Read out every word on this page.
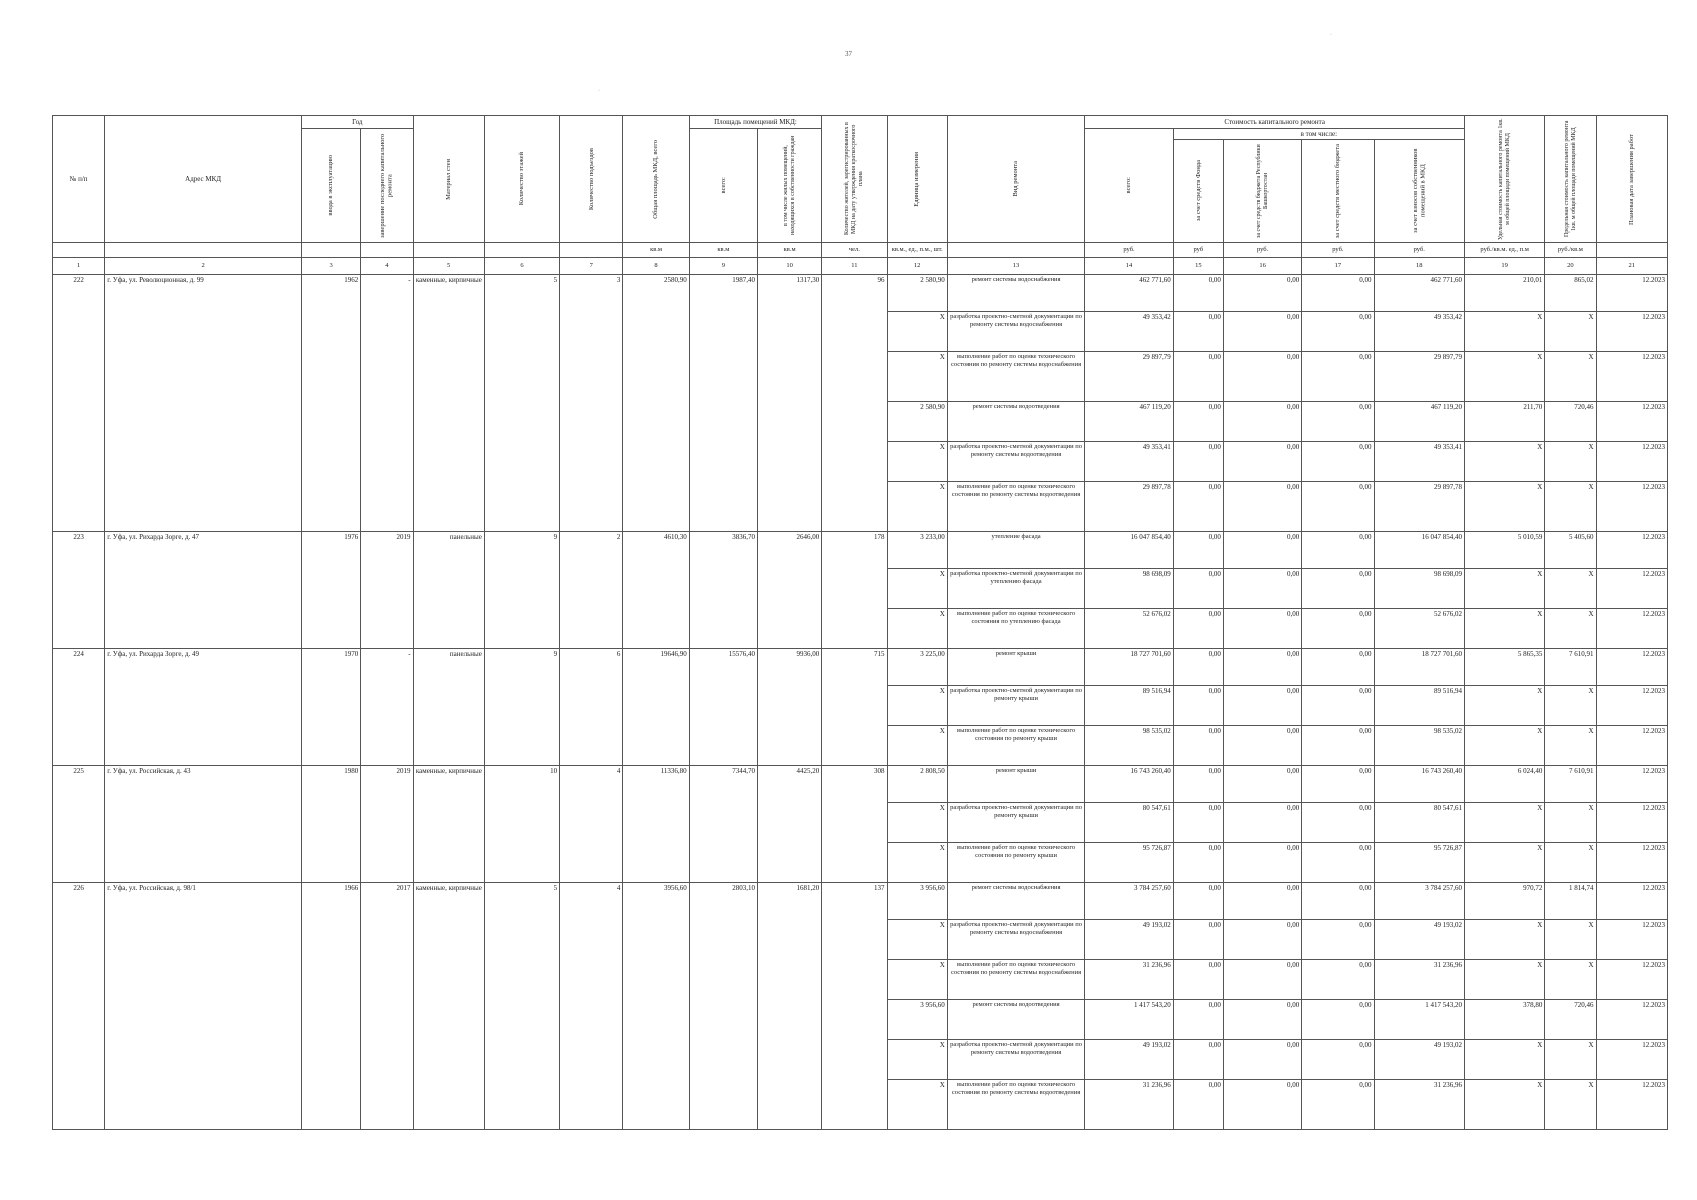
37
·
·
№ п/п	Адрес МКД	Год		Материал стен	Количество этажей	Количество подъездов	Общая площадь МКД, всего	Площадь помещений МКД:		Количество жителей, зарегистрированных в МКД на дату утверждения краткосрочного плана	Единица измерения	Вид ремонта	Стоимость капитального ремонта					Удельная стоимость капитального ремонта 1кв. м общей площади помещений МКД	Предельная стоимость капитального ремонта 1кв. м общей площади помещений МКД	Плановая дата завершения работ

		ввода в эксплуатацию	завершение последнего капитального ремонта					всего:	в том числе жилых помещений, находящихся в собственности граждан				всего:	в том числе:						

														за счет средств Фонда	за счет средств бюджета Республики Башкортостан	за счет средств местного бюджета	за счет взносов собственников помещений в МКД			

							кв.м	кв.м	кв.м	чел.	кв.м., ед., п.м., шт.		руб.	руб	руб.	руб.	руб.	руб./кв.м. ед., п.м	руб./кв.м	
1	2	3	4	5	6	7	8	9	10	11	12	13	14	15	16	17	18	19	20	21
222	г. Уфа, ул. Революционная, д. 99	1962	-	каменные, кирпичные	5	3	2580,90	1987,40	1317,30	96	2 580,90	ремонт системы водоснабжения	462 771,60	0,00	0,00	0,00	462 771,60	210,01	865,02	12.2023
											X	разработка проектно-сметной документации по ремонту системы водоснабжения	49 353,42	0,00	0,00	0,00	49 353,42	X	X	12.2023
											X	выполнение работ по оценке технического состояния по ремонту системы водоснабжения	29 897,79	0,00	0,00	0,00	29 897,79	X	X	12.2023
											2 580,90	ремонт системы водоотведения	467 119,20	0,00	0,00	0,00	467 119,20	211,70	720,46	12.2023
											X	разработка проектно-сметной документации по ремонту системы водоотведения	49 353,41	0,00	0,00	0,00	49 353,41	X	X	12.2023
											X	выполнение работ по оценке технического состояния по ремонту системы водоотведения	29 897,78	0,00	0,00	0,00	29 897,78	X	X	12.2023
223	г. Уфа, ул. Рихарда Зорге, д. 47	1976	2019	панельные	9	2	4610,30	3836,70	2646,00	178	3 233,00	утепление фасада	16 047 854,40	0,00	0,00	0,00	16 047 854,40	5 010,59	5 405,60	12.2023
											X	разработка проектно-сметной документации по утеплению фасада	98 698,09	0,00	0,00	0,00	98 698,09	X	X	12.2023
											X	выполнение работ по оценке технического состояния по утеплению фасада	52 676,02	0,00	0,00	0,00	52 676,02	X	X	12.2023
224	г. Уфа, ул. Рихарда Зорге, д. 49	1970	-	панельные	9	6	19646,90	15576,40	9936,00	715	3 225,00	ремонт крыши	18 727 701,60	0,00	0,00	0,00	18 727 701,60	5 865,35	7 610,91	12.2023
											X	разработка проектно-сметной документации по ремонту крыши	89 516,94	0,00	0,00	0,00	89 516,94	X	X	12.2023
											X	выполнение работ по оценке технического состояния по ремонту крыши	98 535,02	0,00	0,00	0,00	98 535,02	X	X	12.2023
225	г. Уфа, ул. Российская, д. 43	1980	2019	каменные, кирпичные	10	4	11336,80	7344,70	4425,20	308	2 808,50	ремонт крыши	16 743 260,40	0,00	0,00	0,00	16 743 260,40	6 024,40	7 610,91	12.2023
											X	разработка проектно-сметной документации по ремонту крыши	80 547,61	0,00	0,00	0,00	80 547,61	X	X	12.2023
											X	выполнение работ по оценке технического состояния по ремонту крыши	95 726,87	0,00	0,00	0,00	95 726,87	X	X	12.2023
226	г. Уфа, ул. Российская, д. 98/1	1966	2017	каменные, кирпичные	5	4	3956,60	2803,10	1681,20	137	3 956,60	ремонт системы водоснабжения	3 784 257,60	0,00	0,00	0,00	3 784 257,60	970,72	1 814,74	12.2023
											X	разработка проектно-сметной документации по ремонту системы водоснабжения	49 193,02	0,00	0,00	0,00	49 193,02	X	X	12.2023
											X	выполнение работ по оценке технического состояния по ремонту системы водоснабжения	31 236,96	0,00	0,00	0,00	31 236,96	X	X	12.2023
											3 956,60	ремонт системы водоотведения	1 417 543,20	0,00	0,00	0,00	1 417 543,20	378,80	720,46	12.2023
											X	разработка проектно-сметной документации по ремонту системы водоотведения	49 193,02	0,00	0,00	0,00	49 193,02	X	X	12.2023
											X	выполнение работ по оценке технического состояния по ремонту системы водоотведения	31 236,96	0,00	0,00	0,00	31 236,96	X	X	12.2023
